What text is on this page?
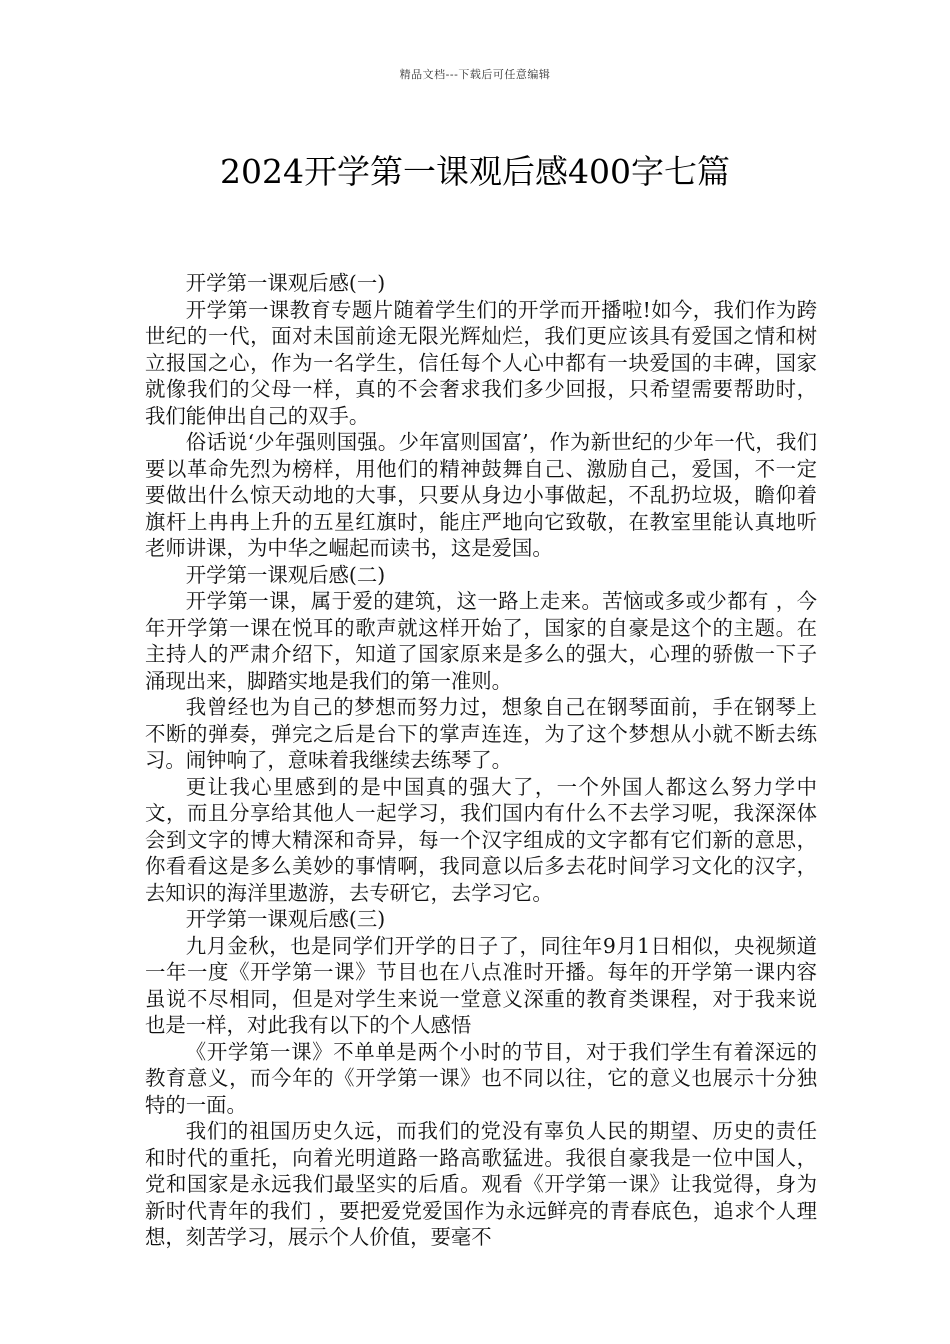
精品文档---下载后可任意编辑
2024开学第一课观后感400字七篇

开学第一课观后感(一)

开学第一课教育专题片随着学生们的开学而开播啦!如今，我们作为跨世纪的一代，面对未国前途无限光辉灿烂，我们更应该具有爱国之情和树立报国之心，作为一名学生，信任每个人心中都有一块爱国的丰碑，国家就像我们的父母一样，真的不会奢求我们多少回报，只希望需要帮助时，我们能伸出自己的双手。

俗话说‘少年强则国强。少年富则国富’，作为新世纪的少年一代，我们要以革命先烈为榜样，用他们的精神鼓舞自己、激励自己，爱国，不一定要做出什么惊天动地的大事，只要从身边小事做起，不乱扔垃圾，瞻仰着旗杆上冉冉上升的五星红旗时，能庄严地向它致敬，在教室里能认真地听老师讲课，为中华之崛起而读书，这是爱国。

开学第一课观后感(二)

开学第一课，属于爱的建筑，这一路上走来。苦恼或多或少都有 ，今年开学第一课在悦耳的歌声就这样开始了，国家的自豪是这个的主题。在主持人的严肃介绍下，知道了国家原来是多么的强大，心理的骄傲一下子涌现出来，脚踏实地是我们的第一准则。

我曾经也为自己的梦想而努力过，想象自己在钢琴面前，手在钢琴上不断的弹奏，弹完之后是台下的掌声连连，为了这个梦想从小就不断去练习。闹钟响了，意味着我继续去练琴了。

更让我心里感到的是中国真的强大了，一个外国人都这么努力学中文，而且分享给其他人一起学习，我们国内有什么不去学习呢，我深深体会到文字的博大精深和奇异，每一个汉字组成的文字都有它们新的意思，你看看这是多么美妙的事情啊，我同意以后多去花时间学习文化的汉字，去知识的海洋里遨游，去专研它，去学习它。

开学第一课观后感(三)

九月金秋，也是同学们开学的日子了，同往年9月1日相似，央视频道一年一度《开学第一课》节目也在八点准时开播。每年的开学第一课内容虽说不尽相同，但是对学生来说一堂意义深重的教育类课程，对于我来说也是一样，对此我有以下的个人感悟

《开学第一课》不单单是两个小时的节目，对于我们学生有着深远的教育意义，而今年的《开学第一课》也不同以往，它的意义也展示十分独特的一面。

我们的祖国历史久远，而我们的党没有辜负人民的期望、历史的责任和时代的重托，向着光明道路一路高歌猛进。我很自豪我是一位中国人，党和国家是永远我们最坚实的后盾。观看《开学第一课》让我觉得，身为新时代青年的我们 ，要把爱党爱国作为永远鲜亮的青春底色，追求个人理想，刻苦学习，展示个人价值，要毫不
